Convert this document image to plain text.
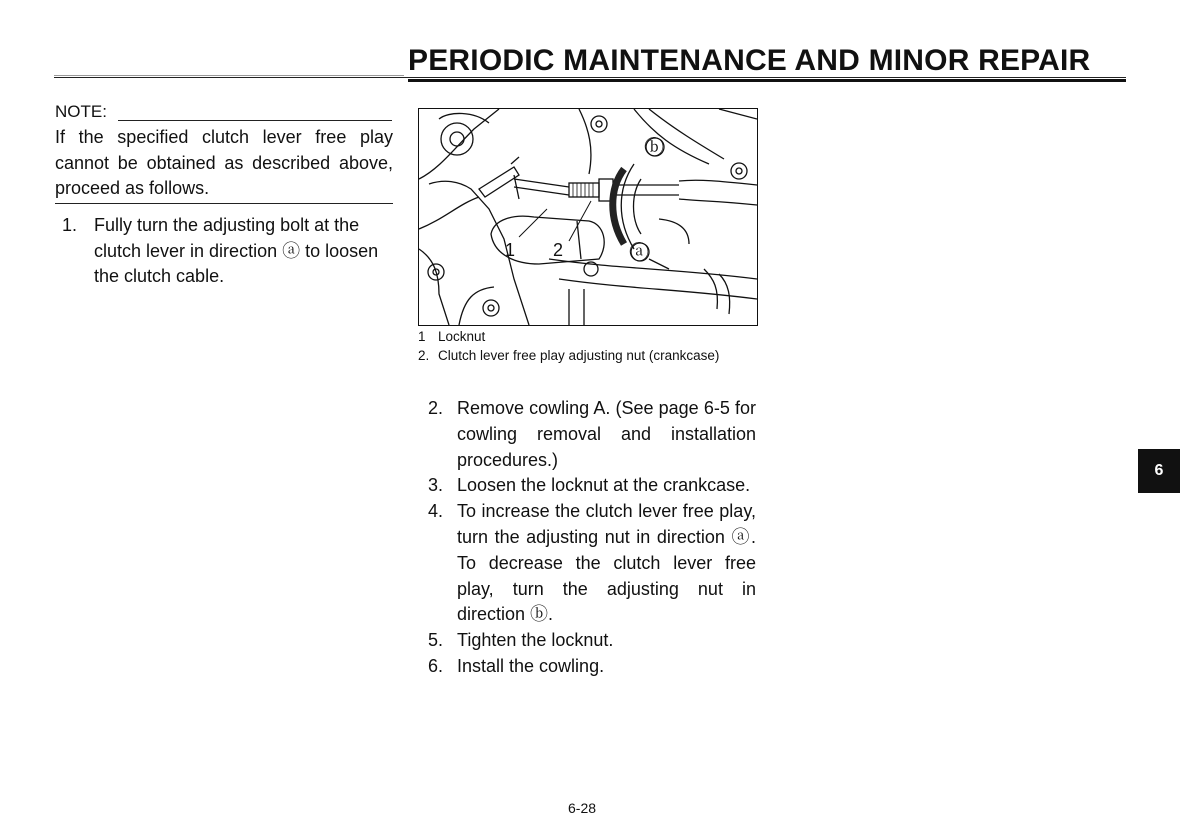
PERIODIC MAINTENANCE AND MINOR REPAIR
NOTE:
If the specified clutch lever free play cannot be obtained as described above, proceed as follows.
1. Fully turn the adjusting bolt at the clutch lever in direction ⓐ to loosen the clutch cable.
1 2	ⓐ
ⓑ
1 Locknut
2. Clutch lever free play adjusting nut (crankcase)
2. Remove cowling A. (See page 6-5 for cowling removal and installation procedures.)
3. Loosen the locknut at the crankcase.
4. To increase the clutch lever free play, turn the adjusting nut in direction ⓐ. To decrease the clutch lever free play, turn the adjusting nut in direction ⓑ.
5. Tighten the locknut.
6. Install the cowling.
6
6-28
